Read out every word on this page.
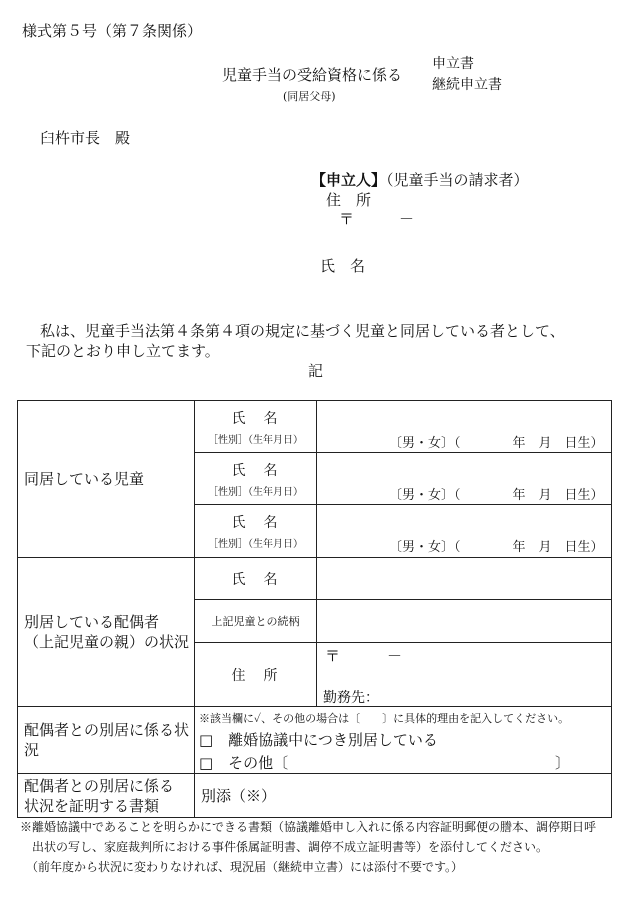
様式第５号（第７条関係）
児童手当の受給資格に係る
申立書
継続申立書
(同居父母)
臼杵市長　殿
【申立人】（児童手当の請求者）
住　所
〒	－
氏　名
私は、児童手当法第４条第４項の規定に基づく児童と同居している者として、
下記のとおり申し立てます。
記
同居している児童	氏　名
［性別］（生年月日）	〔男・女〕（　　　　年　月　日生）

	氏　名
［性別］（生年月日）	〔男・女〕（　　　　年　月　日生）

	氏　名
［性別］（生年月日）	〔男・女〕（　　　　年　月　日生）

別居している配偶者
（上記児童の親）の状況	氏　名	

	上記児童との続柄	

	住　所	〒 －
勤務先：

配偶者との別居に係る状況	※該当欄に✓、その他の場合は〔　　〕に具体的理由を記入してください。
□　離婚協議中につき別居している
□　その他〔 〕	

配偶者との別居に係る
状況を証明する書類	別添（※）	
※離婚協議中であることを明らかにできる書類（協議離婚申し入れに係る内容証明郵便の謄本、調停期日呼
　出状の写し、家庭裁判所における事件係属証明書、調停不成立証明書等）を添付してください。
　（前年度から状況に変わりなければ、現況届（継続申立書）には添付不要です。）
